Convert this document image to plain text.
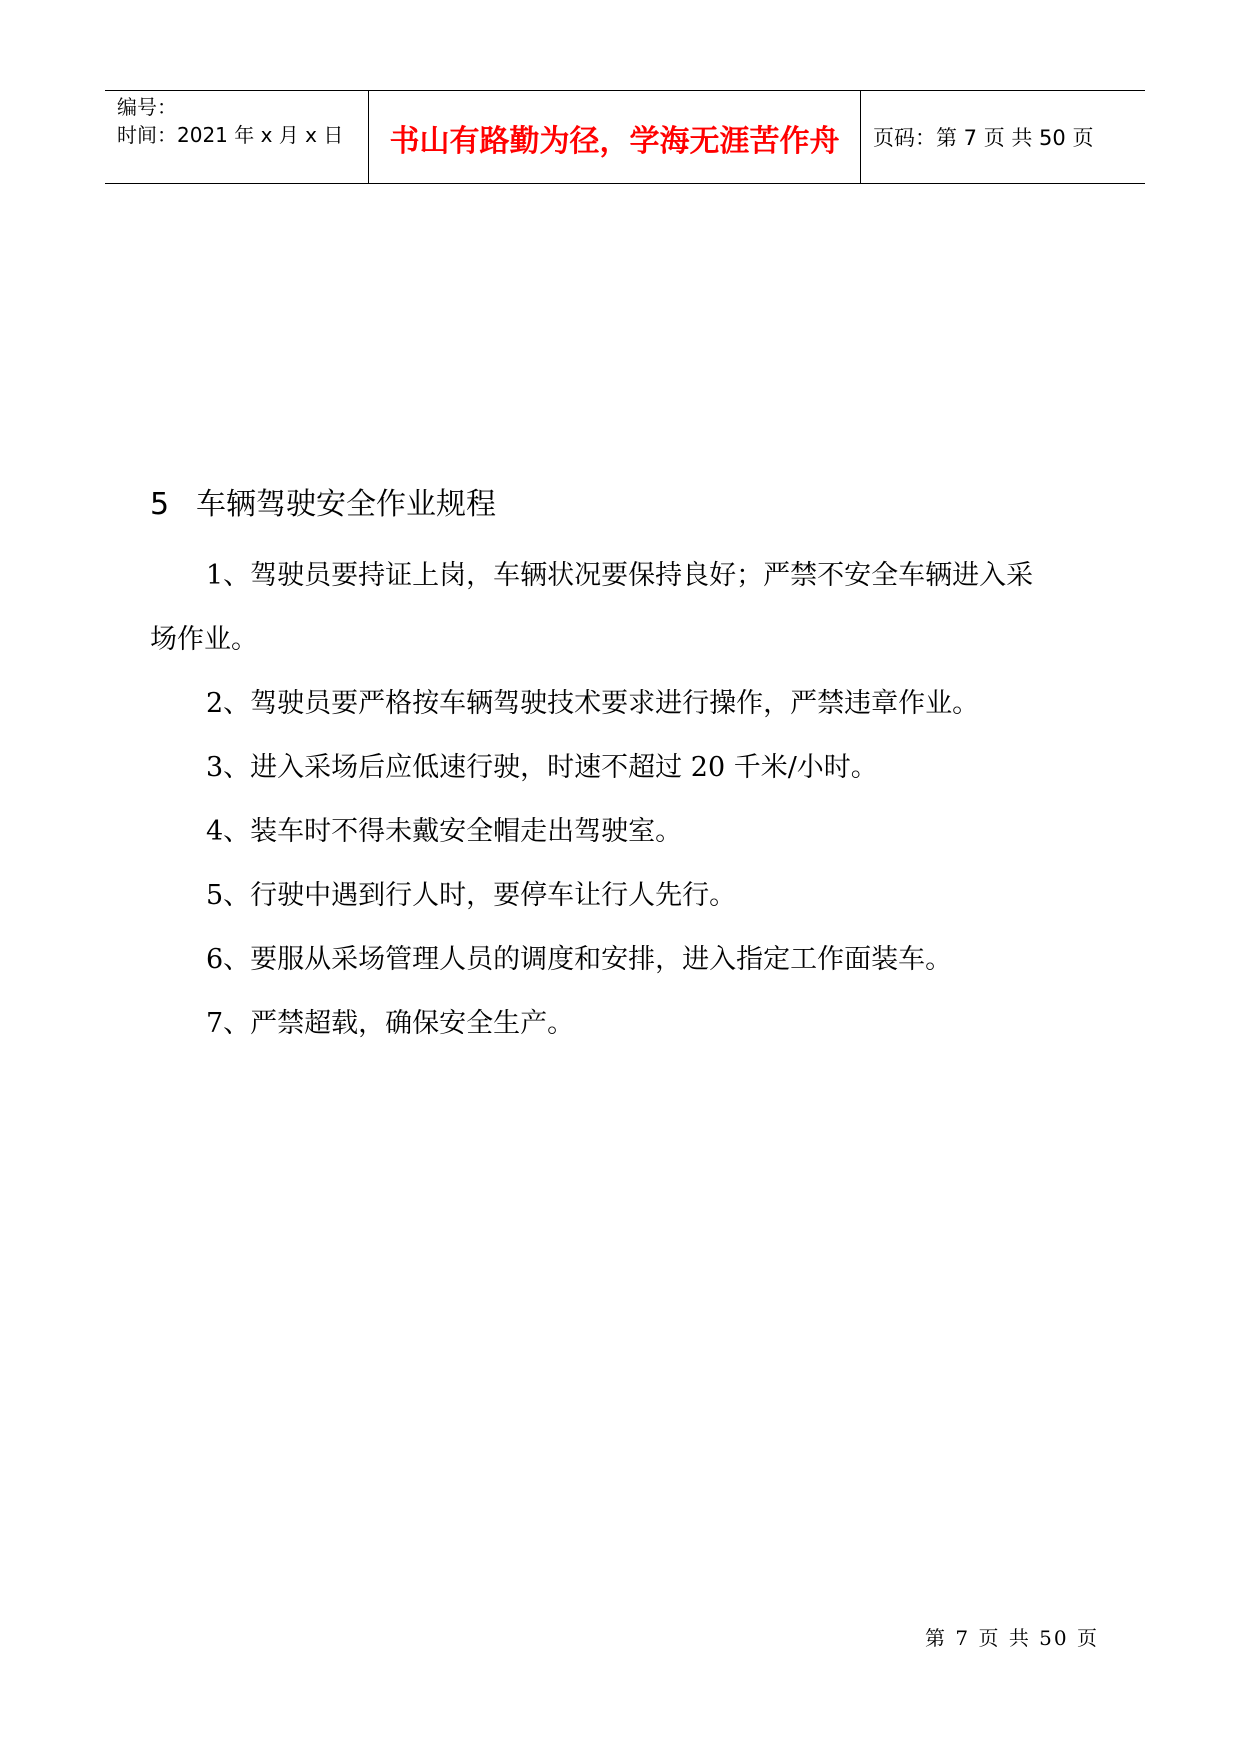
编号：
时间：2021 年 x 月 x 日	书山有路勤为径，学海无涯苦作舟 页码：第 7 页 共 50 页
5 车辆驾驶安全作业规程
1、驾驶员要持证上岗，车辆状况要保持良好；严禁不安全车辆进入采
场作业。
2、驾驶员要严格按车辆驾驶技术要求进行操作，严禁违章作业。
3、进入采场后应低速行驶，时速不超过 20 千米/小时。
4、装车时不得未戴安全帽走出驾驶室。
5、行驶中遇到行人时，要停车让行人先行。
6、要服从采场管理人员的调度和安排，进入指定工作面装车。
7、严禁超载，确保安全生产。
第 7 页 共 50 页
